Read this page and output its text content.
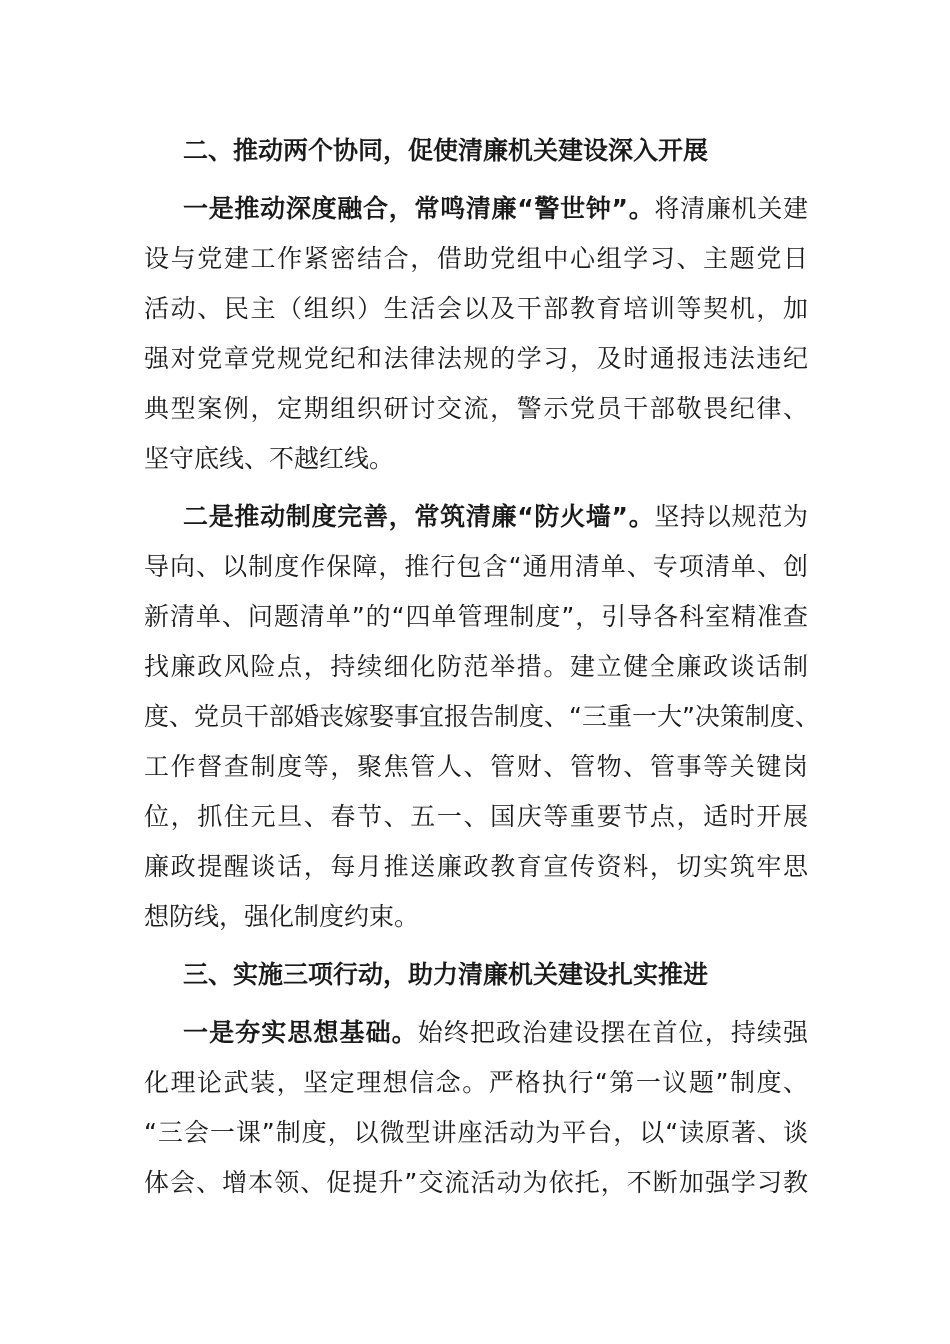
二、推动两个协同，促使清廉机关建设深入开展
一是推动深度融合，常鸣清廉“警世钟”。将清廉机关建
设与党建工作紧密结合，借助党组中心组学习、主题党日
活动、民主（组织）生活会以及干部教育培训等契机，加
强对党章党规党纪和法律法规的学习，及时通报违法违纪
典型案例，定期组织研讨交流，警示党员干部敬畏纪律、
坚守底线、不越红线。
二是推动制度完善，常筑清廉“防火墙”。坚持以规范为
导向、以制度作保障，推行包含“通用清单、专项清单、创
新清单、问题清单”的“四单管理制度”，引导各科室精准查
找廉政风险点，持续细化防范举措。建立健全廉政谈话制
度、党员干部婚丧嫁娶事宜报告制度、“三重一大”决策制度、
工作督查制度等，聚焦管人、管财、管物、管事等关键岗
位，抓住元旦、春节、五一、国庆等重要节点，适时开展
廉政提醒谈话，每月推送廉政教育宣传资料，切实筑牢思
想防线，强化制度约束。
三、实施三项行动，助力清廉机关建设扎实推进
一是夯实思想基础。始终把政治建设摆在首位，持续强
化理论武装，坚定理想信念。严格执行“第一议题”制度、
“三会一课”制度，以微型讲座活动为平台，以“读原著、谈
体会、增本领、促提升”交流活动为依托，不断加强学习教
